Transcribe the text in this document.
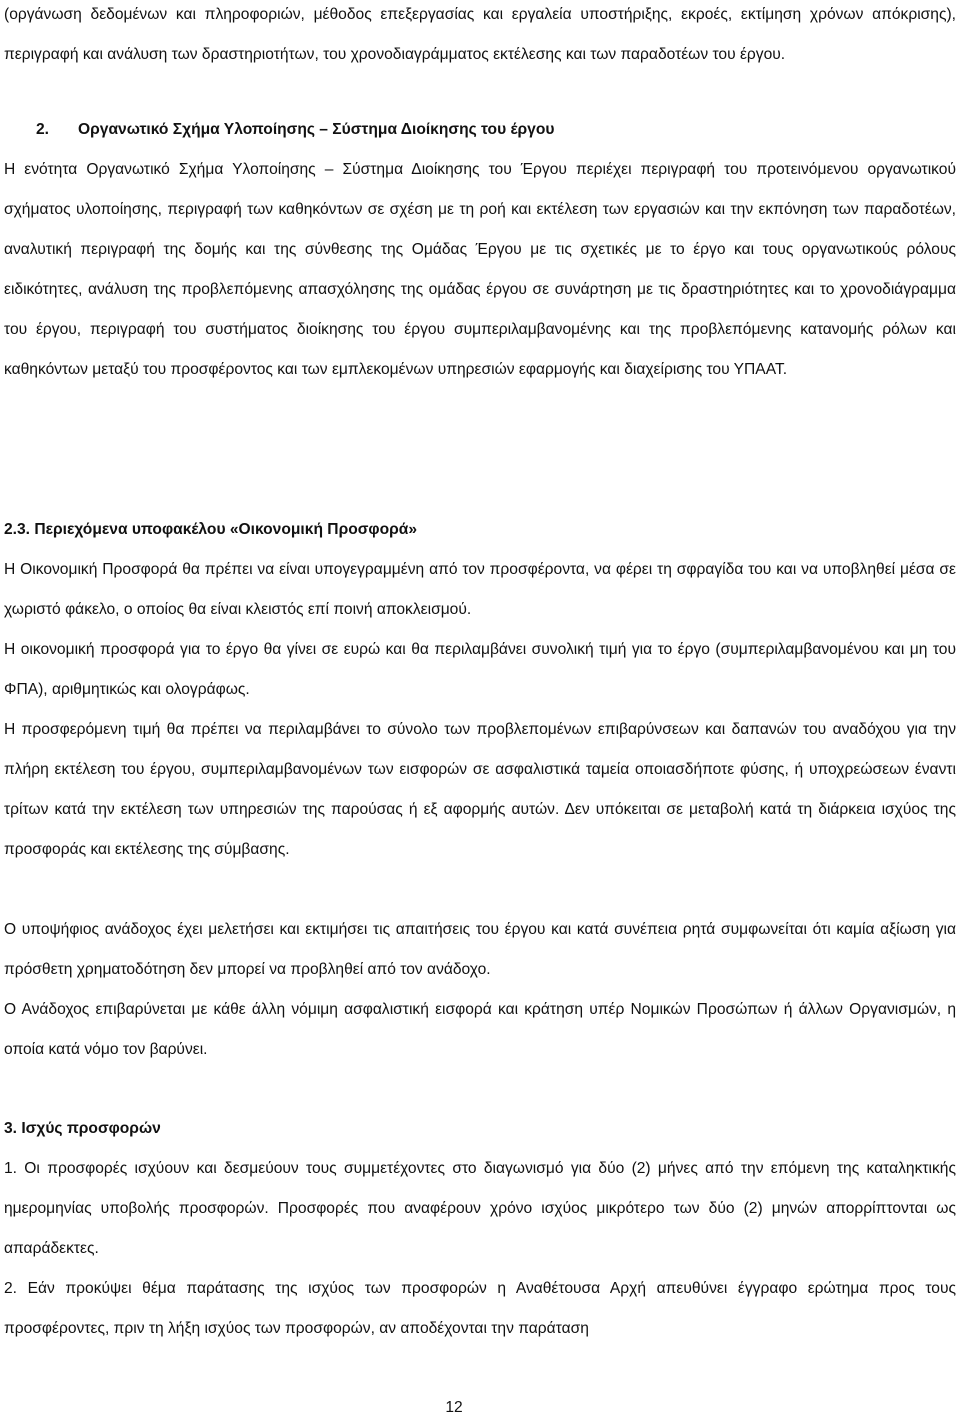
(οργάνωση δεδομένων και πληροφοριών, μέθοδος επεξεργασίας και εργαλεία υποστήριξης, εκροές, εκτίμηση χρόνων απόκρισης), περιγραφή και ανάλυση των δραστηριοτήτων, του χρονοδιαγράμματος εκτέλεσης και των παραδοτέων του έργου.

2. Οργανωτικό Σχήμα Υλοποίησης – Σύστημα Διοίκησης του έργου

Η ενότητα Οργανωτικό Σχήμα Υλοποίησης – Σύστημα Διοίκησης του Έργου περιέχει περιγραφή του προτεινόμενου οργανωτικού σχήματος υλοποίησης, περιγραφή των καθηκόντων σε σχέση με τη ροή και εκτέλεση των εργασιών και την εκπόνηση των παραδοτέων, αναλυτική περιγραφή της δομής και της σύνθεσης της Ομάδας Έργου με τις σχετικές με το έργο και τους οργανωτικούς ρόλους ειδικότητες, ανάλυση της προβλεπόμενης απασχόλησης της ομάδας έργου σε συνάρτηση με τις δραστηριότητες και το χρονοδιάγραμμα του έργου, περιγραφή του συστήματος διοίκησης του έργου συμπεριλαμβανομένης και της προβλεπόμενης κατανομής ρόλων και καθηκόντων μεταξύ του προσφέροντος και των εμπλεκομένων υπηρεσιών εφαρμογής και διαχείρισης του ΥΠΑΑΤ.

2.3. Περιεχόμενα υποφακέλου «Οικονομική Προσφορά»

Η Οικονομική Προσφορά θα πρέπει να είναι υπογεγραμμένη από τον προσφέροντα, να φέρει τη σφραγίδα του και να υποβληθεί μέσα σε χωριστό φάκελο, ο οποίος θα είναι κλειστός επί ποινή αποκλεισμού.

Η οικονομική προσφορά για το έργο θα γίνει σε ευρώ και θα περιλαμβάνει συνολική τιμή για το έργο (συμπεριλαμβανομένου και μη του ΦΠΑ), αριθμητικώς και ολογράφως.

Η προσφερόμενη τιμή θα πρέπει να περιλαμβάνει το σύνολο των προβλεπομένων επιβαρύνσεων και δαπανών του αναδόχου για την πλήρη εκτέλεση του έργου, συμπεριλαμβανομένων των εισφορών σε ασφαλιστικά ταμεία οποιασδήποτε φύσης, ή υποχρεώσεων έναντι τρίτων κατά την εκτέλεση των υπηρεσιών της παρούσας ή εξ αφορμής αυτών. Δεν υπόκειται σε μεταβολή κατά τη διάρκεια ισχύος της προσφοράς και εκτέλεσης της σύμβασης.

Ο υποψήφιος ανάδοχος έχει μελετήσει και εκτιμήσει τις απαιτήσεις του έργου και κατά συνέπεια ρητά συμφωνείται ότι καμία αξίωση για πρόσθετη χρηματοδότηση δεν μπορεί να προβληθεί από τον ανάδοχο.

Ο Ανάδοχος επιβαρύνεται με κάθε άλλη νόμιμη ασφαλιστική εισφορά και κράτηση υπέρ Νομικών Προσώπων ή άλλων Οργανισμών, η οποία κατά νόμο τον βαρύνει.

3. Ισχύς προσφορών

1. Οι προσφορές ισχύουν και δεσμεύουν τους συμμετέχοντες στο διαγωνισμό για δύο (2) μήνες από την επόμενη της καταληκτικής ημερομηνίας υποβολής προσφορών. Προσφορές που αναφέρουν χρόνο ισχύος μικρότερο των δύο (2) μηνών απορρίπτονται ως απαράδεκτες.

2. Εάν προκύψει θέμα παράτασης της ισχύος των προσφορών η Αναθέτουσα Αρχή απευθύνει έγγραφο ερώτημα προς τους προσφέροντες, πριν τη λήξη ισχύος των προσφορών, αν αποδέχονται την παράταση

12
